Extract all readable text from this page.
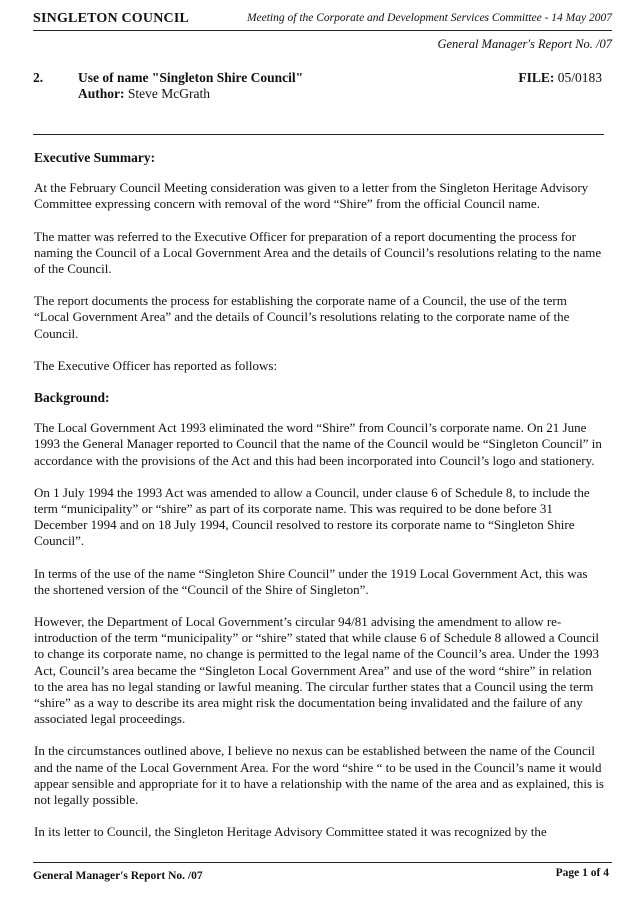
SINGLETON COUNCIL	Meeting of the Corporate and Development Services Committee - 14 May 2007
General Manager's Report No. /07
2.	Use of name "Singleton Shire Council"
Author: Steve McGrath
FILE: 05/0183
Executive Summary:

At the February Council Meeting consideration was given to a letter from the Singleton Heritage Advisory Committee expressing concern with removal of the word “Shire” from the official Council name.

The matter was referred to the Executive Officer for preparation of a report documenting the process for naming the Council of a Local Government Area and the details of Council’s resolutions relating to the name of the Council.

The report documents the process for establishing the corporate name of a Council, the use of the term “Local Government Area” and the details of Council’s resolutions relating to the corporate name of the Council.

The Executive Officer has reported as follows:

Background:

The Local Government Act 1993 eliminated the word “Shire” from Council’s corporate name. On 21 June 1993 the General Manager reported to Council that the name of the Council would be “Singleton Council” in accordance with the provisions of the Act and this had been incorporated into Council’s logo and stationery.

On 1 July 1994 the 1993 Act was amended to allow a Council, under clause 6 of Schedule 8, to include the term “municipality” or “shire” as part of its corporate name. This was required to be done before 31 December 1994 and on 18 July 1994, Council resolved to restore its corporate name to “Singleton Shire Council”.

In terms of the use of the name “Singleton Shire Council” under the 1919 Local Government Act, this was the shortened version of the “Council of the Shire of Singleton”.

However, the Department of Local Government’s circular 94/81 advising the amendment to allow re-introduction of the term “municipality” or “shire” stated that while clause 6 of Schedule 8 allowed a Council to change its corporate name, no change is permitted to the legal name of the Council’s area. Under the 1993 Act, Council’s area became the “Singleton Local Government Area” and use of the word “shire” in relation to the area has no legal standing or lawful meaning. The circular further states that a Council using the term “shire” as a way to describe its area might risk the documentation being invalidated and the failure of any associated legal proceedings.

In the circumstances outlined above, I believe no nexus can be established between the name of the Council and the name of the Local Government Area. For the word “shire “ to be used in the Council’s name it would appear sensible and appropriate for it to have a relationship with the name of the area and as explained, this is not legally possible.

In its letter to Council, the Singleton Heritage Advisory Committee stated it was recognized by the

General Manager's Report No. /07	Page 1 of 4
